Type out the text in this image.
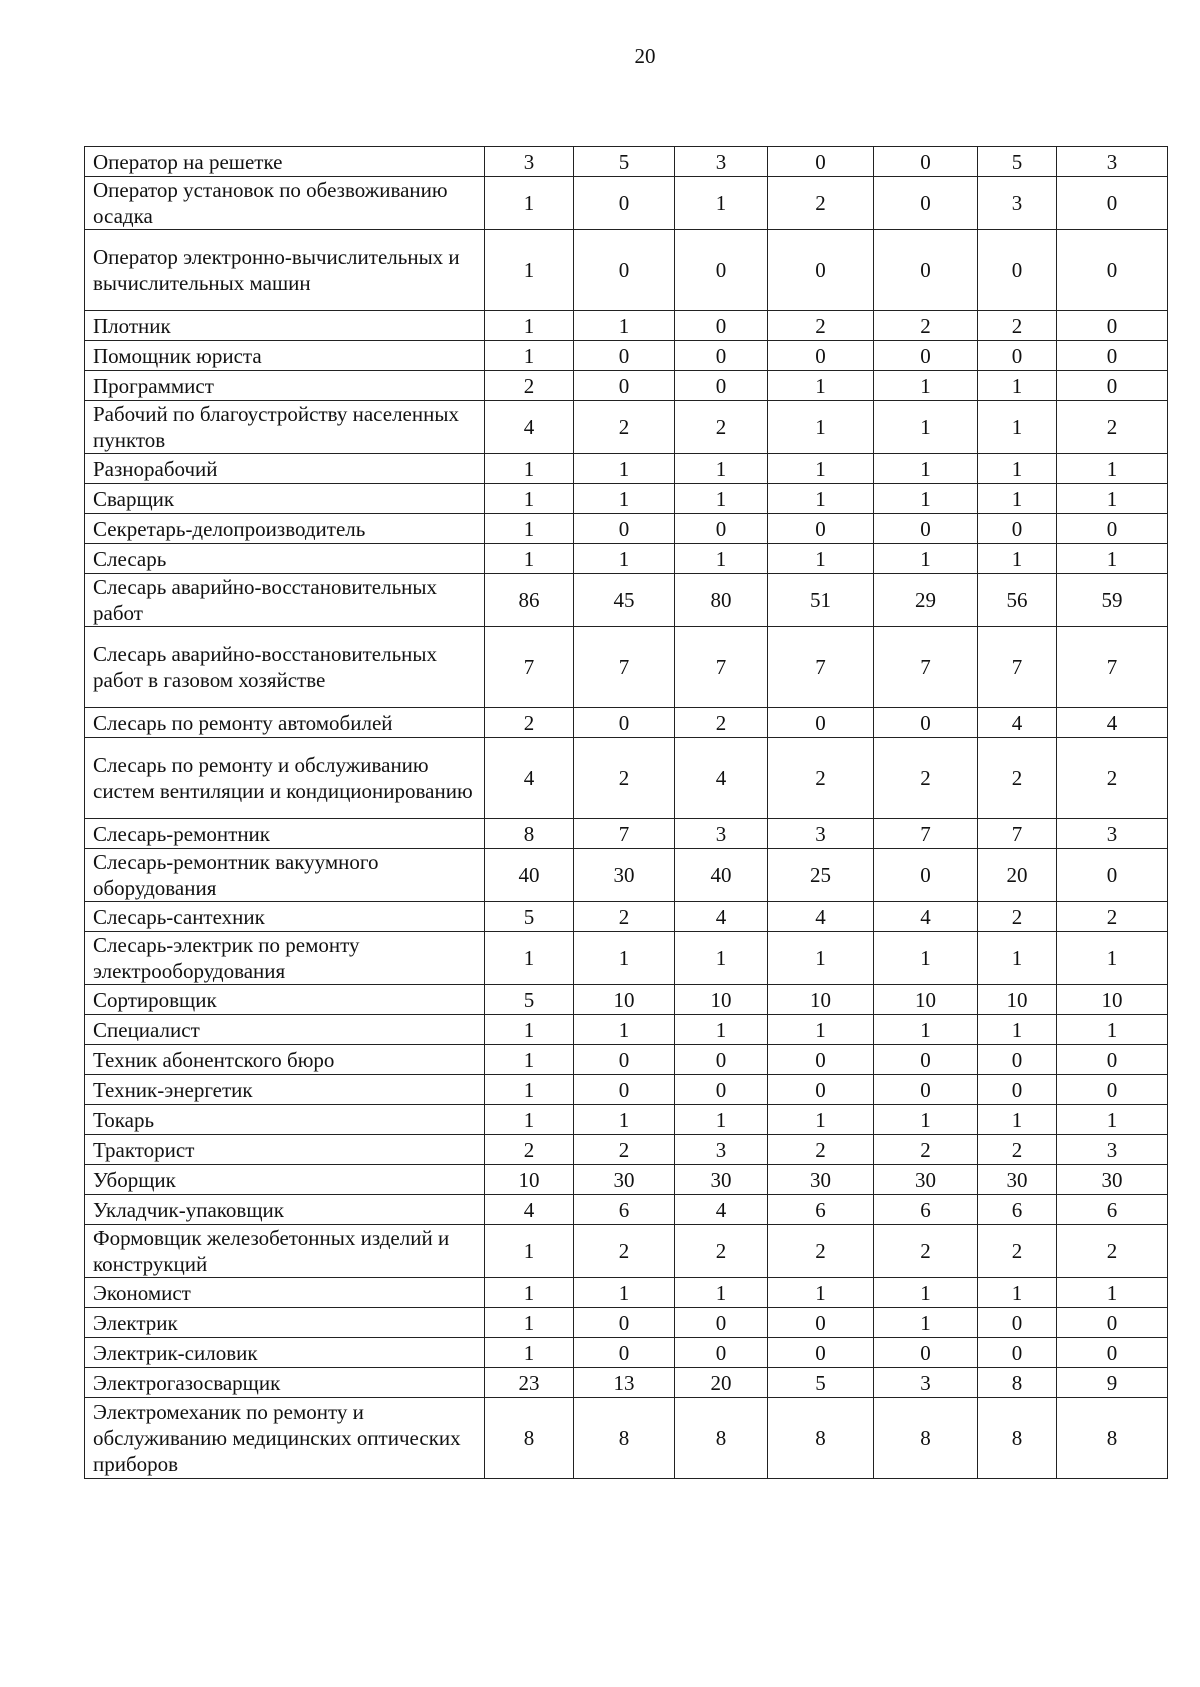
20
Оператор на решетке	3	5	3	0	0	5	3
Оператор установок по обезвоживанию осадка	1	0	1	2	0	3	0
Оператор электронно-вычислительных и вычислительных машин	1	0	0	0	0	0	0
Плотник	1	1	0	2	2	2	0
Помощник юриста	1	0	0	0	0	0	0
Программист	2	0	0	1	1	1	0
Рабочий по благоустройству населенных пунктов	4	2	2	1	1	1	2
Разнорабочий	1	1	1	1	1	1	1
Сварщик	1	1	1	1	1	1	1
Секретарь-делопроизводитель	1	0	0	0	0	0	0
Слесарь	1	1	1	1	1	1	1
Слесарь аварийно-восстановительных работ	86	45	80	51	29	56	59
Слесарь аварийно-восстановительных работ в газовом хозяйстве	7	7	7	7	7	7	7
Слесарь по ремонту автомобилей	2	0	2	0	0	4	4
Слесарь по ремонту и обслуживанию систем вентиляции и кондиционированию	4	2	4	2	2	2	2
Слесарь-ремонтник	8	7	3	3	7	7	3
Слесарь-ремонтник вакуумного оборудования	40	30	40	25	0	20	0
Слесарь-сантехник	5	2	4	4	4	2	2
Слесарь-электрик по ремонту электрооборудования	1	1	1	1	1	1	1
Сортировщик	5	10	10	10	10	10	10
Специалист	1	1	1	1	1	1	1
Техник абонентского бюро	1	0	0	0	0	0	0
Техник-энергетик	1	0	0	0	0	0	0
Токарь	1	1	1	1	1	1	1
Тракторист	2	2	3	2	2	2	3
Уборщик	10	30	30	30	30	30	30
Укладчик-упаковщик	4	6	4	6	6	6	6
Формовщик железобетонных изделий и конструкций	1	2	2	2	2	2	2
Экономист	1	1	1	1	1	1	1
Электрик	1	0	0	0	1	0	0
Электрик-силовик	1	0	0	0	0	0	0
Электрогазосварщик	23	13	20	5	3	8	9
Электромеханик по ремонту и обслуживанию медицинских оптических приборов	8	8	8	8	8	8	8
